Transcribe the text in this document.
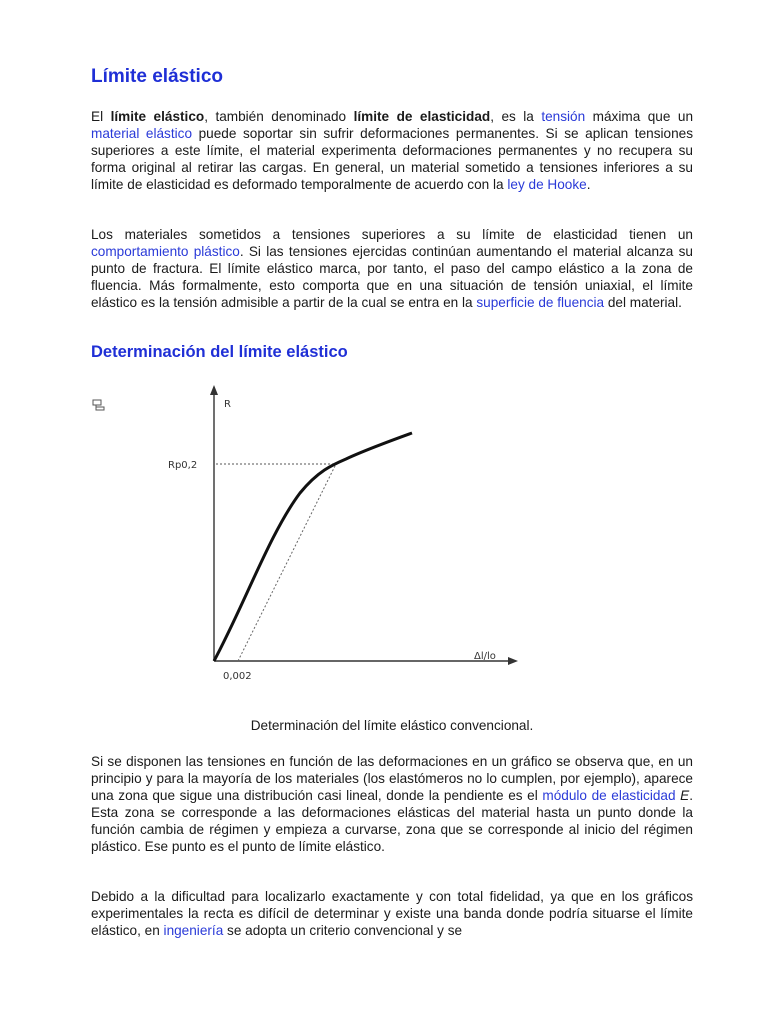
Límite elástico

El límite elástico, también denominado límite de elasticidad, es la tensión máxima que un material elástico puede soportar sin sufrir deformaciones permanentes. Si se aplican tensiones superiores a este límite, el material experimenta deformaciones permanentes y no recupera su forma original al retirar las cargas. En general, un material sometido a tensiones inferiores a su límite de elasticidad es deformado temporalmente de acuerdo con la ley de Hooke.

Los materiales sometidos a tensiones superiores a su límite de elasticidad tienen un comportamiento plástico. Si las tensiones ejercidas continúan aumentando el material alcanza su punto de fractura. El límite elástico marca, por tanto, el paso del campo elástico a la zona de fluencia. Más formalmente, esto comporta que en una situación de tensión uniaxial, el límite elástico es la tensión admisible a partir de la cual se entra en la superficie de fluencia del material.

Determinación del límite elástico
R
Rp0,2
Δl/lo
0,002

Determinación del límite elástico convencional.

Si se disponen las tensiones en función de las deformaciones en un gráfico se observa que, en un principio y para la mayoría de los materiales (los elastómeros no lo cumplen, por ejemplo), aparece una zona que sigue una distribución casi lineal, donde la pendiente es el módulo de elasticidad E. Esta zona se corresponde a las deformaciones elásticas del material hasta un punto donde la función cambia de régimen y empieza a curvarse, zona que se corresponde al inicio del régimen plástico. Ese punto es el punto de límite elástico.

Debido a la dificultad para localizarlo exactamente y con total fidelidad, ya que en los gráficos experimentales la recta es difícil de determinar y existe una banda donde podría situarse el límite elástico, en ingeniería se adopta un criterio convencional y se
